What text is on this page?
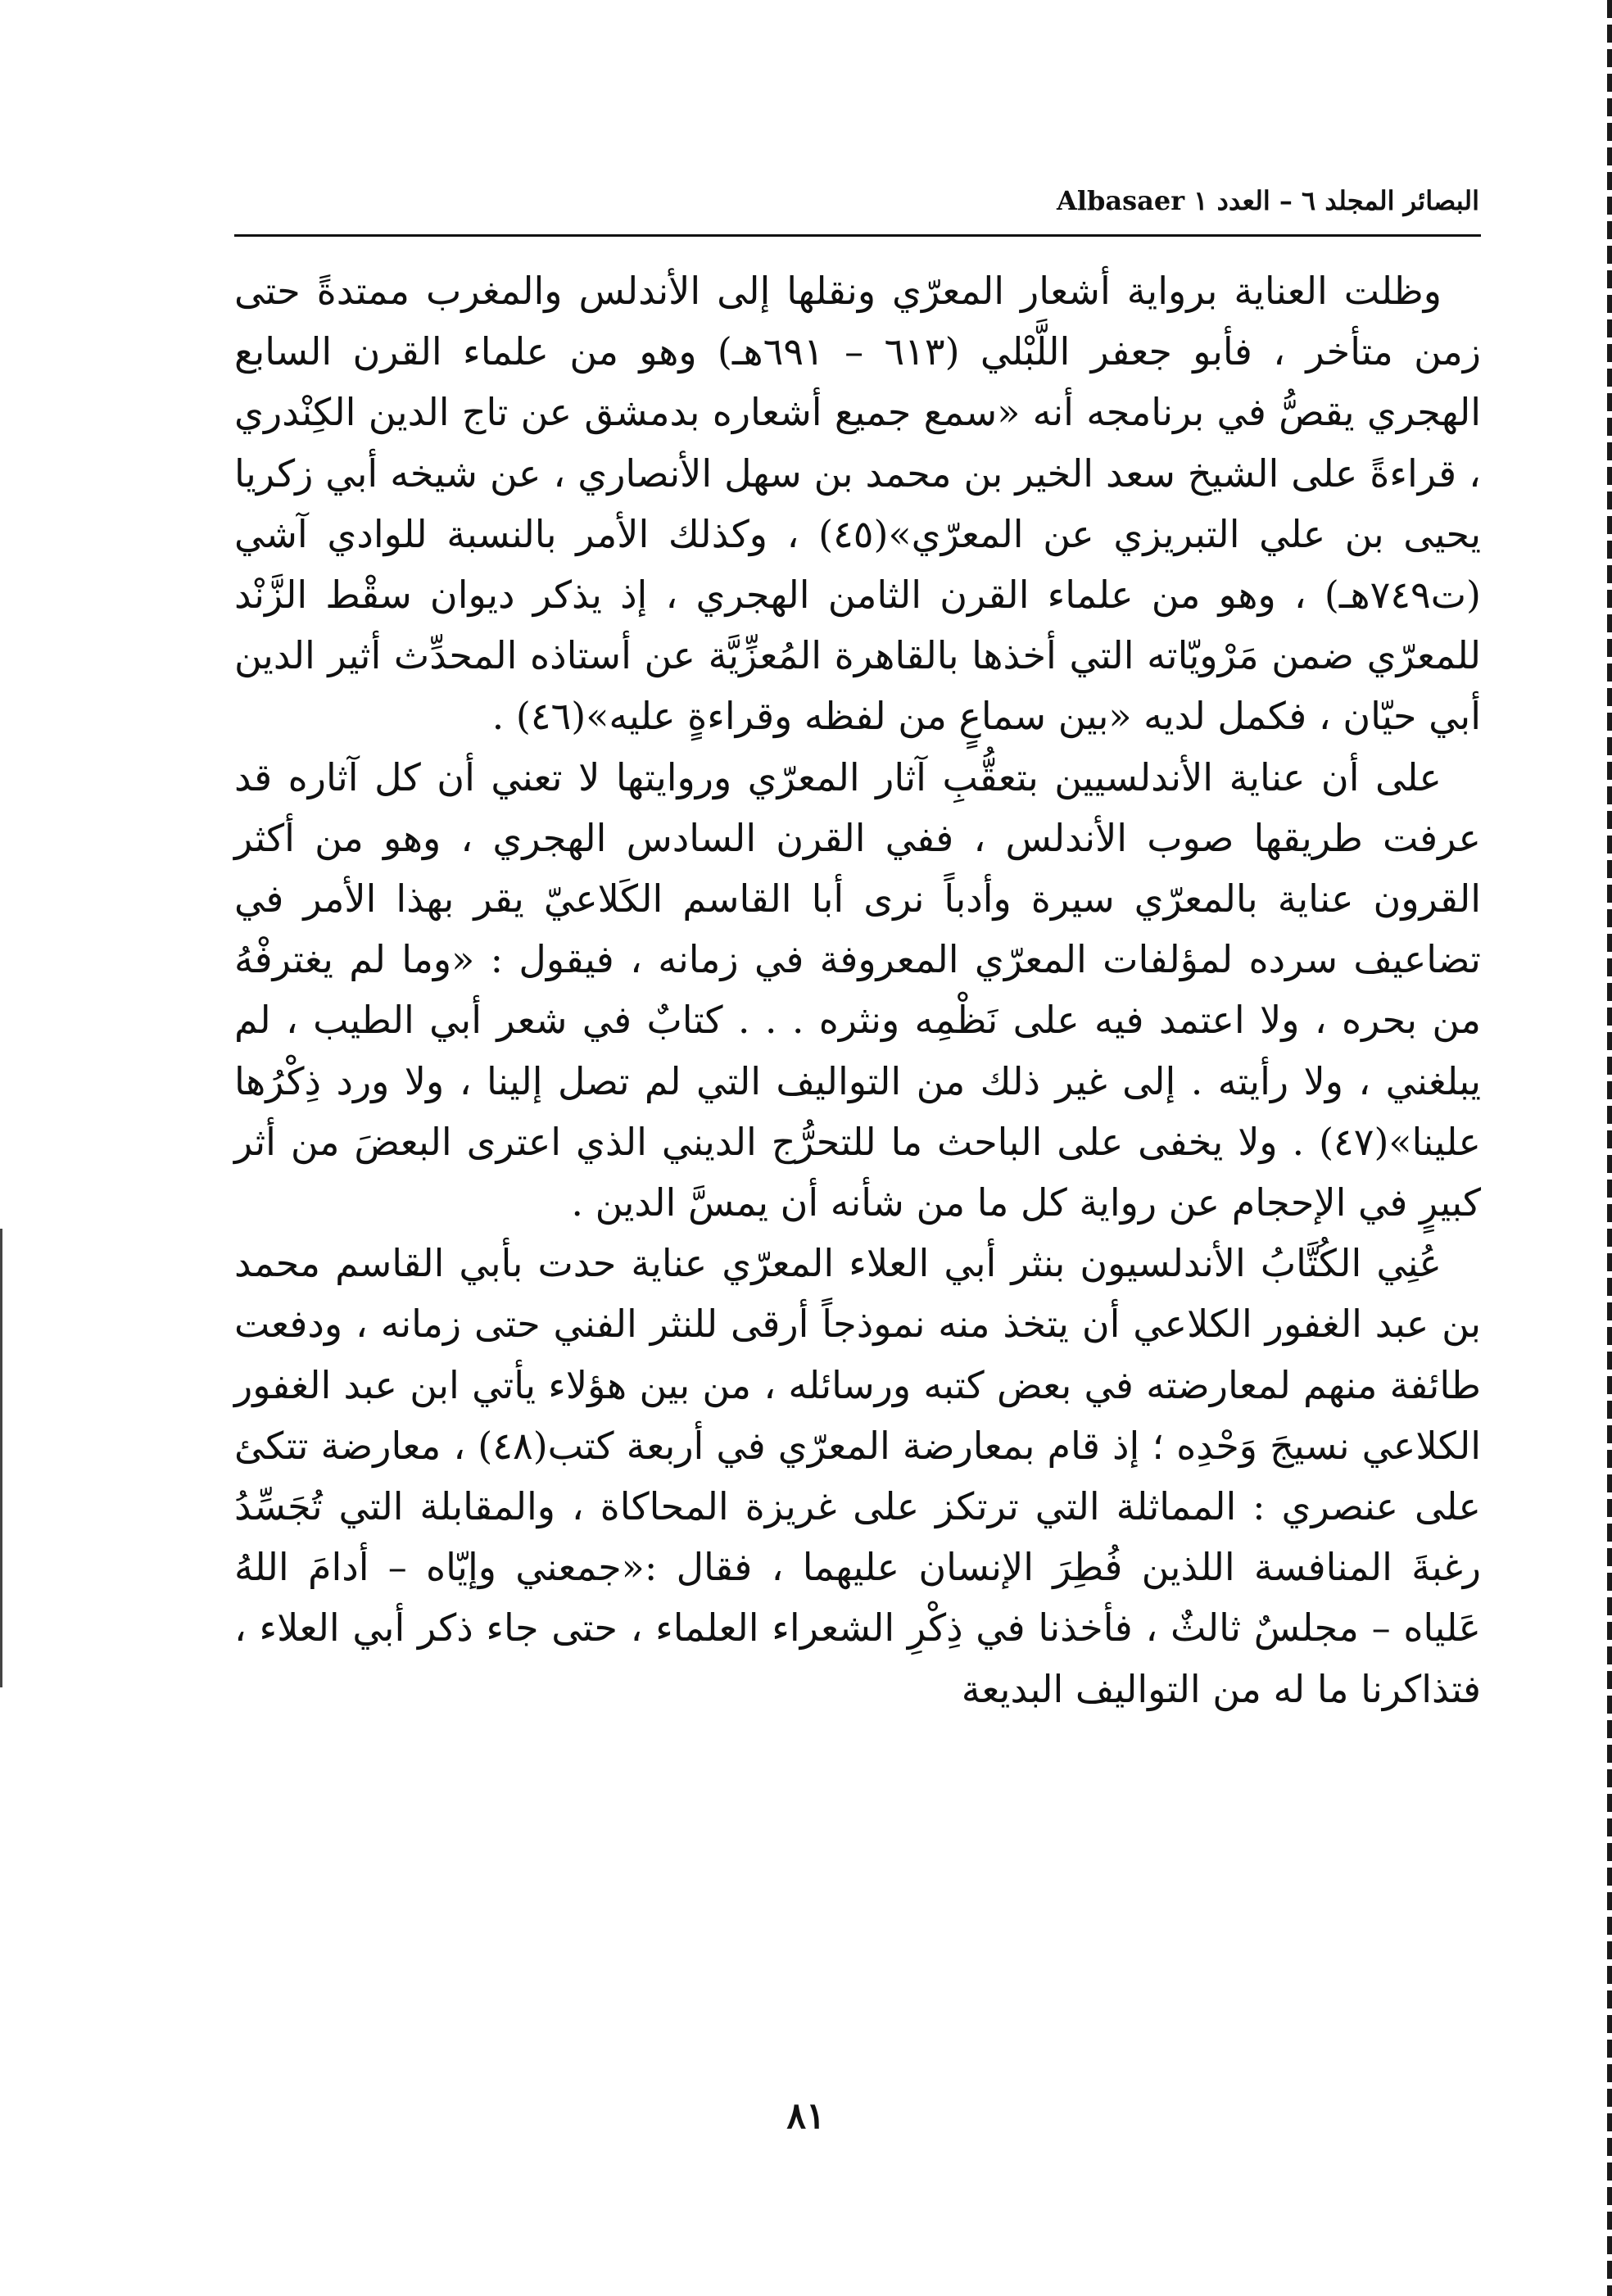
البصائر المجلد ٦ – العدد ١ Albasaer

وظلت العناية برواية أشعار المعرّي ونقلها إلى الأندلس والمغرب ممتدةً حتى زمن متأخر ، فأبو جعفر اللَّبْلي (٦١٣ – ٦٩١هـ) وهو من علماء القرن السابع الهجري يقصُّ في برنامجه أنه «سمع جميع أشعاره بدمشق عن تاج الدين الكِنْدري ، قراءةً على الشيخ سعد الخير بن محمد بن سهل الأنصاري ، عن شيخه أبي زكريا يحيى بن علي التبريزي عن المعرّي»(٤٥) ، وكذلك الأمر بالنسبة للوادي آشي (ت٧٤٩هـ) ، وهو من علماء القرن الثامن الهجري ، إذ يذكر ديوان سقْط الزَّنْد للمعرّي ضمن مَرْويّاته التي أخذها بالقاهرة المُعزِّيَّة عن أستاذه المحدِّث أثير الدين أبي حيّان ، فكمل لديه «بين سماعٍ من لفظه وقراءةٍ عليه»(٤٦) .

على أن عناية الأندلسيين بتعقُّبِ آثار المعرّي وروايتها لا تعني أن كل آثاره قد عرفت طريقها صوب الأندلس ، ففي القرن السادس الهجري ، وهو من أكثر القرون عناية بالمعرّي سيرة وأدباً نرى أبا القاسم الكَلاعيّ يقر بهذا الأمر في تضاعيف سرده لمؤلفات المعرّي المعروفة في زمانه ، فيقول : «وما لم يغترفْهُ من بحره ، ولا اعتمد فيه على نَظْمِه ونثره . . . كتابٌ في شعر أبي الطيب ، لم يبلغني ، ولا رأيته . إلى غير ذلك من التواليف التي لم تصل إلينا ، ولا ورد ذِكْرُها علينا»(٤٧) . ولا يخفى على الباحث ما للتحرُّج الديني الذي اعترى البعضَ من أثر كبيرٍ في الإحجام عن رواية كل ما من شأنه أن يمسَّ الدين .

عُنِي الكُتَّابُ الأندلسيون بنثر أبي العلاء المعرّي عناية حدت بأبي القاسم محمد بن عبد الغفور الكلاعي أن يتخذ منه نموذجاً أرقى للنثر الفني حتى زمانه ، ودفعت طائفة منهم لمعارضته في بعض كتبه ورسائله ، من بين هؤلاء يأتي ابن عبد الغفور الكلاعي نسيجَ وَحْدِه ؛ إذ قام بمعارضة المعرّي في أربعة كتب(٤٨) ، معارضة تتكئ على عنصري : المماثلة التي ترتكز على غريزة المحاكاة ، والمقابلة التي تُجَسِّدُ رغبةَ المنافسة اللذين فُطِرَ الإنسان عليهما ، فقال :«جمعني وإيّاه – أدامَ اللهُ عَلياه – مجلسٌ ثالثٌ ، فأخذنا في ذِكْرِ الشعراء العلماء ، حتى جاء ذكر أبي العلاء ، فتذاكرنا ما له من التواليف البديعة

٨١
